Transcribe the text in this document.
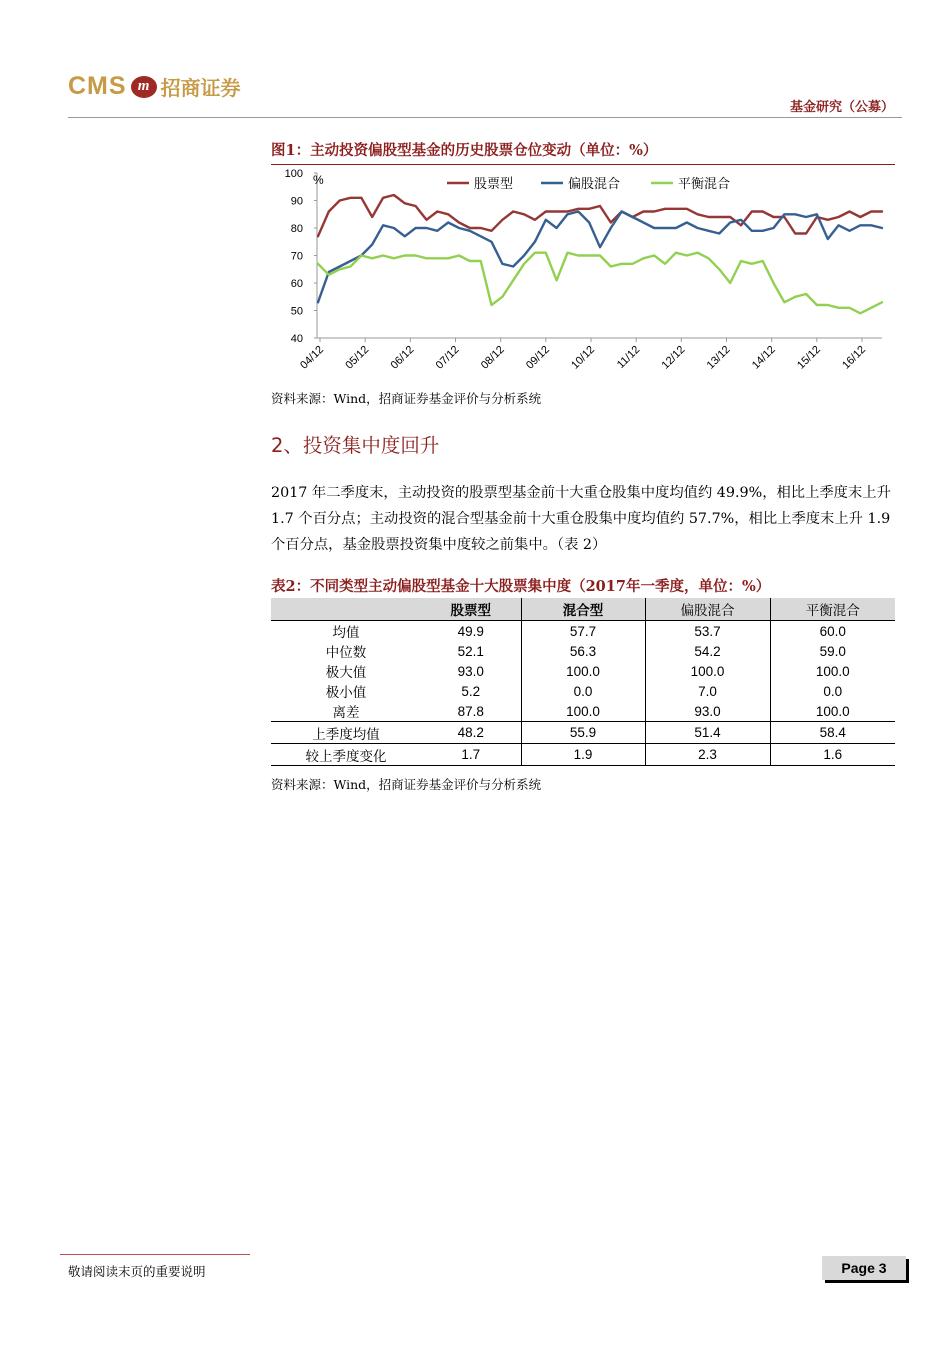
CMS m 招商证券
基金研究（公募）
图1：主动投资偏股型基金的历史股票仓位变动（单位：%）
40
50
60
70
80
90
100 %
04/12 05/12 06/12 07/12 08/12 09/12 10/12 11/12 12/12 13/12 14/12 15/12 16/12
股票型	偏股混合	平衡混合
资料来源：Wind，招商证券基金评价与分析系统
2、投资集中度回升
2017 年二季度末，主动投资的股票型基金前十大重仓股集中度均值约 49.9%，相比上季度末上升 1.7 个百分点；主动投资的混合型基金前十大重仓股集中度均值约 57.7%，相比上季度末上升 1.9 个百分点，基金股票投资集中度较之前集中。（表 2）
表2：不同类型主动偏股型基金十大股票集中度（2017年一季度，单位：%）
	股票型	混合型	偏股混合	平衡混合
均值	49.9	57.7	53.7	60.0
中位数	52.1	56.3	54.2	59.0
极大值	93.0	100.0	100.0	100.0
极小值	5.2	0.0	7.0	0.0
离差	87.8	100.0	93.0	100.0
上季度均值	48.2	55.9	51.4	58.4
较上季度变化	1.7	1.9	2.3	1.6
资料来源：Wind，招商证券基金评价与分析系统
敬请阅读末页的重要说明	Page 3
